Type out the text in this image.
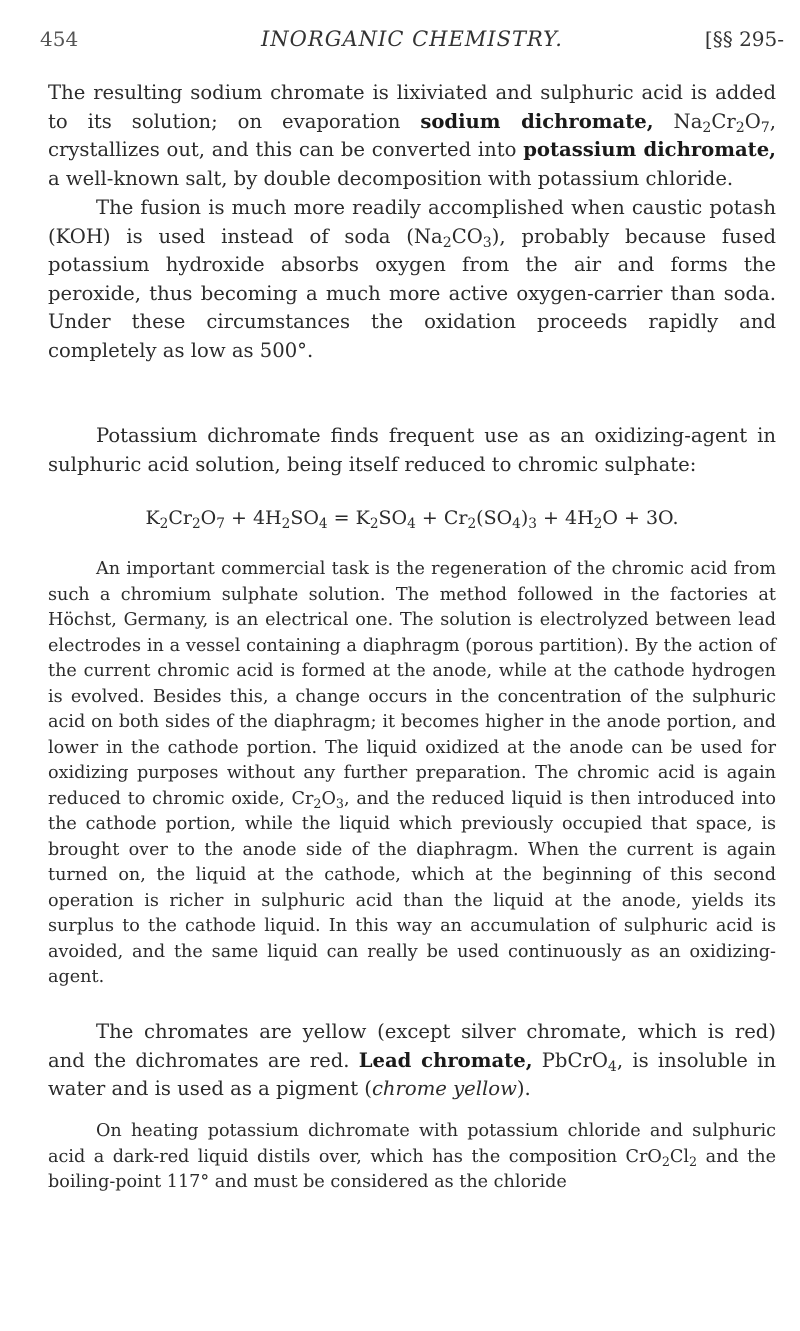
454	INORGANIC CHEMISTRY.	[§§ 295-

The resulting sodium chromate is lixiviated and sulphuric acid is added to its solution; on evaporation sodium dichromate, $Na_2Cr_2O_7$, crystallizes out, and this can be converted into potassium dichromate, a well-known salt, by double decomposition with potassium chloride.

The fusion is much more readily accomplished when caustic potash (KOH) is used instead of soda $(Na_2CO_3)$, probably because fused potassium hydroxide absorbs oxygen from the air and forms the peroxide, thus becoming a much more active oxygen-carrier than soda. Under these circumstances the oxidation proceeds rapidly and completely as low as 500°.

Potassium dichromate finds frequent use as an oxidizing-agent in sulphuric acid solution, being itself reduced to chromic sulphate:

$K_2Cr_2O_7 + 4H_2SO_4 = K_2SO_4 + Cr_2(SO_4)_3 + 4H_2O + 3O$.

An important commercial task is the regeneration of the chromic acid from such a chromium sulphate solution. The method followed in the factories at Höchst, Germany, is an electrical one. The solution is electrolyzed between lead electrodes in a vessel containing a diaphragm (porous partition). By the action of the current chromic acid is formed at the anode, while at the cathode hydrogen is evolved. Besides this, a change occurs in the concentration of the sulphuric acid on both sides of the diaphragm; it becomes higher in the anode portion, and lower in the cathode portion. The liquid oxidized at the anode can be used for oxidizing purposes without any further preparation. The chromic acid is again reduced to chromic oxide, $Cr_2O_3$, and the reduced liquid is then introduced into the cathode portion, while the liquid which previously occupied that space, is brought over to the anode side of the diaphragm. When the current is again turned on, the liquid at the cathode, which at the beginning of this second operation is richer in sulphuric acid than the liquid at the anode, yields its surplus to the cathode liquid. In this way an accumulation of sulphuric acid is avoided, and the same liquid can really be used continuously as an oxidizing-agent.

The chromates are yellow (except silver chromate, which is red) and the dichromates are red. Lead chromate, PbCrO$_4$, is insoluble in water and is used as a pigment (chrome yellow).

On heating potassium dichromate with potassium chloride and sulphuric acid a dark-red liquid distils over, which has the composition $CrO_2Cl_2$ and the boiling-point 117° and must be considered as the chloride
